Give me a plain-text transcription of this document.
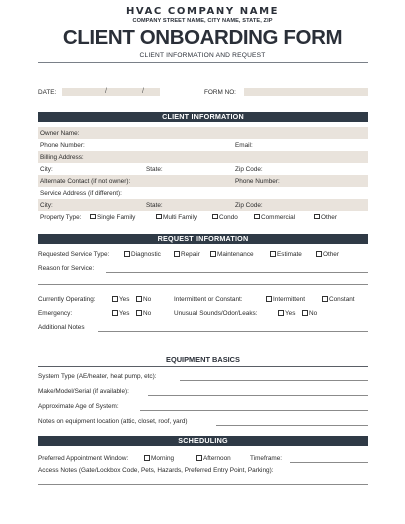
HVAC COMPANY NAME
COMPANY STREET NAME, CITY NAME, STATE, ZIP
CLIENT ONBOARDING FORM
CLIENT INFORMATION AND REQUEST
DATE:	/	/	FORM NO:
CLIENT INFORMATION
Owner Name:
Phone Number:	Email:
Billing Address:
City:	State:	Zip Code:
Alternate Contact (if not owner):	Phone Number:
Service Address (if different):
City:	State:	Zip Code:
Property Type:	Single Family	Multi Family	Condo	Commercial	Other
REQUEST INFORMATION
Requested Service Type:	Diagnostic	Repair	Maintenance	Estimate	Other
Reason for Service:
Currently Operating:	Yes	No	Intermittent or Constant:	Intermittent	Constant
Emergency:	Yes	No	Unusual Sounds/Odor/Leaks:	Yes	No
Additional Notes
EQUIPMENT BASICS
System Type (AE/heater, heat pump, etc):
Make/Model/Serial (if available):
Approximate Age of System:
Notes on equipment location (attic, closet, roof, yard)
SCHEDULING
Preferred Appointment Window:	Morning	Afternoon	Timeframe:
Access Notes (Gate/Lockbox Code, Pets, Hazards, Preferred Entry Point, Parking):
